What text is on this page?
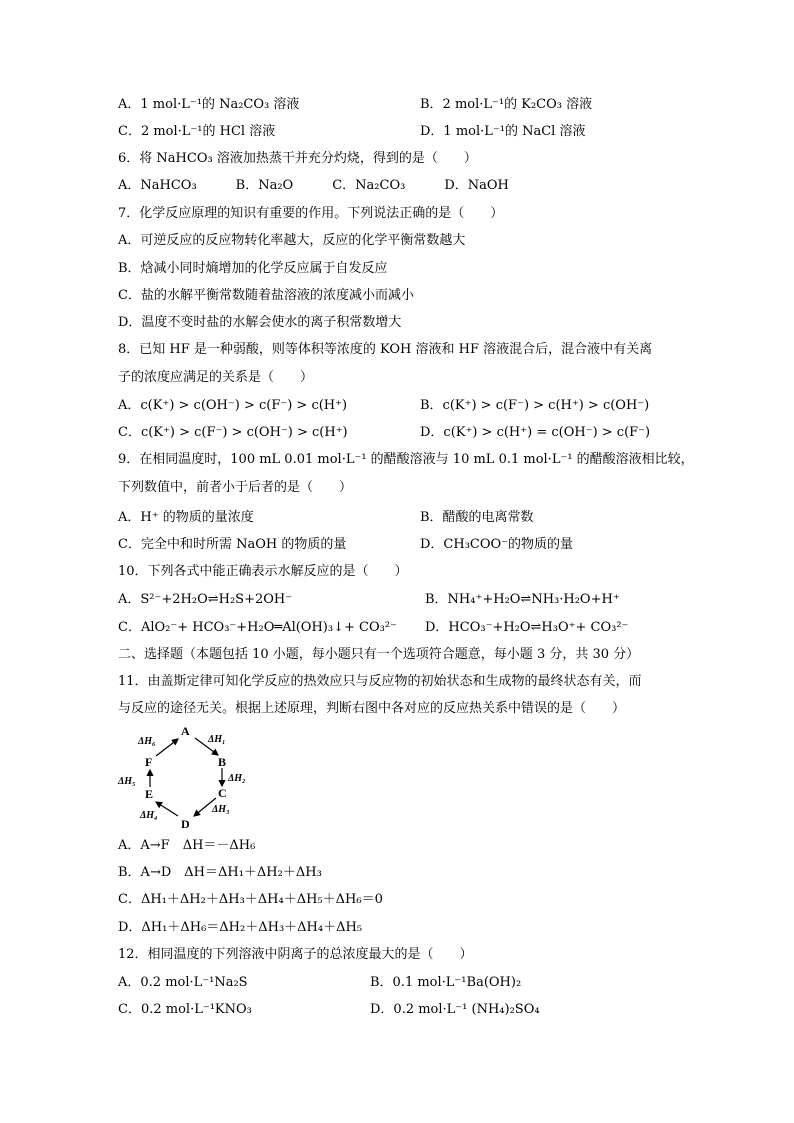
A．1 mol·L⁻¹的 Na₂CO₃ 溶液	B．2 mol·L⁻¹的 K₂CO₃ 溶液
C．2 mol·L⁻¹的 HCl 溶液	D．1 mol·L⁻¹的 NaCl 溶液
6．将 NaHCO₃ 溶液加热蒸干并充分灼烧，得到的是（　　）
A．NaHCO₃　　　B．Na₂O　　　C．Na₂CO₃　　　D．NaOH
7．化学反应原理的知识有重要的作用。下列说法正确的是（　　）
A．可逆反应的反应物转化率越大，反应的化学平衡常数越大
B．焓减小同时熵增加的化学反应属于自发反应
C．盐的水解平衡常数随着盐溶液的浓度减小而减小
D．温度不变时盐的水解会使水的离子积常数增大
8．已知 HF 是一种弱酸，则等体积等浓度的 KOH 溶液和 HF 溶液混合后，混合液中有关离
子的浓度应满足的关系是（　　）
A．c(K⁺) > c(OH⁻) > c(F⁻) > c(H⁺)	B．c(K⁺) > c(F⁻) > c(H⁺) > c(OH⁻)
C．c(K⁺) > c(F⁻) > c(OH⁻) > c(H⁺)	D．c(K⁺) > c(H⁺) = c(OH⁻) > c(F⁻)
9．在相同温度时，100 mL 0.01 mol·L⁻¹ 的醋酸溶液与 10 mL 0.1 mol·L⁻¹ 的醋酸溶液相比较，
下列数值中，前者小于后者的是（　　）
A．H⁺ 的物质的量浓度	B．醋酸的电离常数
C．完全中和时所需 NaOH 的物质的量	D．CH₃COO⁻的物质的量
10．下列各式中能正确表示水解反应的是（　　）
A．S²⁻+2H₂O⇌H₂S+2OH⁻	B．NH₄⁺+H₂O⇌NH₃·H₂O+H⁺
C．AlO₂⁻+ HCO₃⁻+H₂O═Al(OH)₃↓+ CO₃²⁻ D．HCO₃⁻+H₂O⇌H₃O⁺+ CO₃²⁻
二、选择题（本题包括 10 小题，每小题只有一个选项符合题意，每小题 3 分，共 30 分）
11．由盖斯定律可知化学反应的热效应只与反应物的初始状态和生成物的最终状态有关，而
与反应的途径无关。根据上述原理，判断右图中各对应的反应热关系中错误的是（　　）
A
B
C
D
E
F
ΔH₁
ΔH₂
ΔH₃
ΔH₄
ΔH₅
ΔH₆
A．A→F　ΔH＝－ΔH₆
B．A→D　ΔH＝ΔH₁＋ΔH₂＋ΔH₃
C．ΔH₁＋ΔH₂＋ΔH₃＋ΔH₄＋ΔH₅＋ΔH₆＝0
D．ΔH₁＋ΔH₆＝ΔH₂＋ΔH₃＋ΔH₄＋ΔH₅
12．相同温度的下列溶液中阴离子的总浓度最大的是（　　）
A．0.2 mol·L⁻¹Na₂S	B．0.1 mol·L⁻¹Ba(OH)₂
C．0.2 mol·L⁻¹KNO₃	D．0.2 mol·L⁻¹ (NH₄)₂SO₄
